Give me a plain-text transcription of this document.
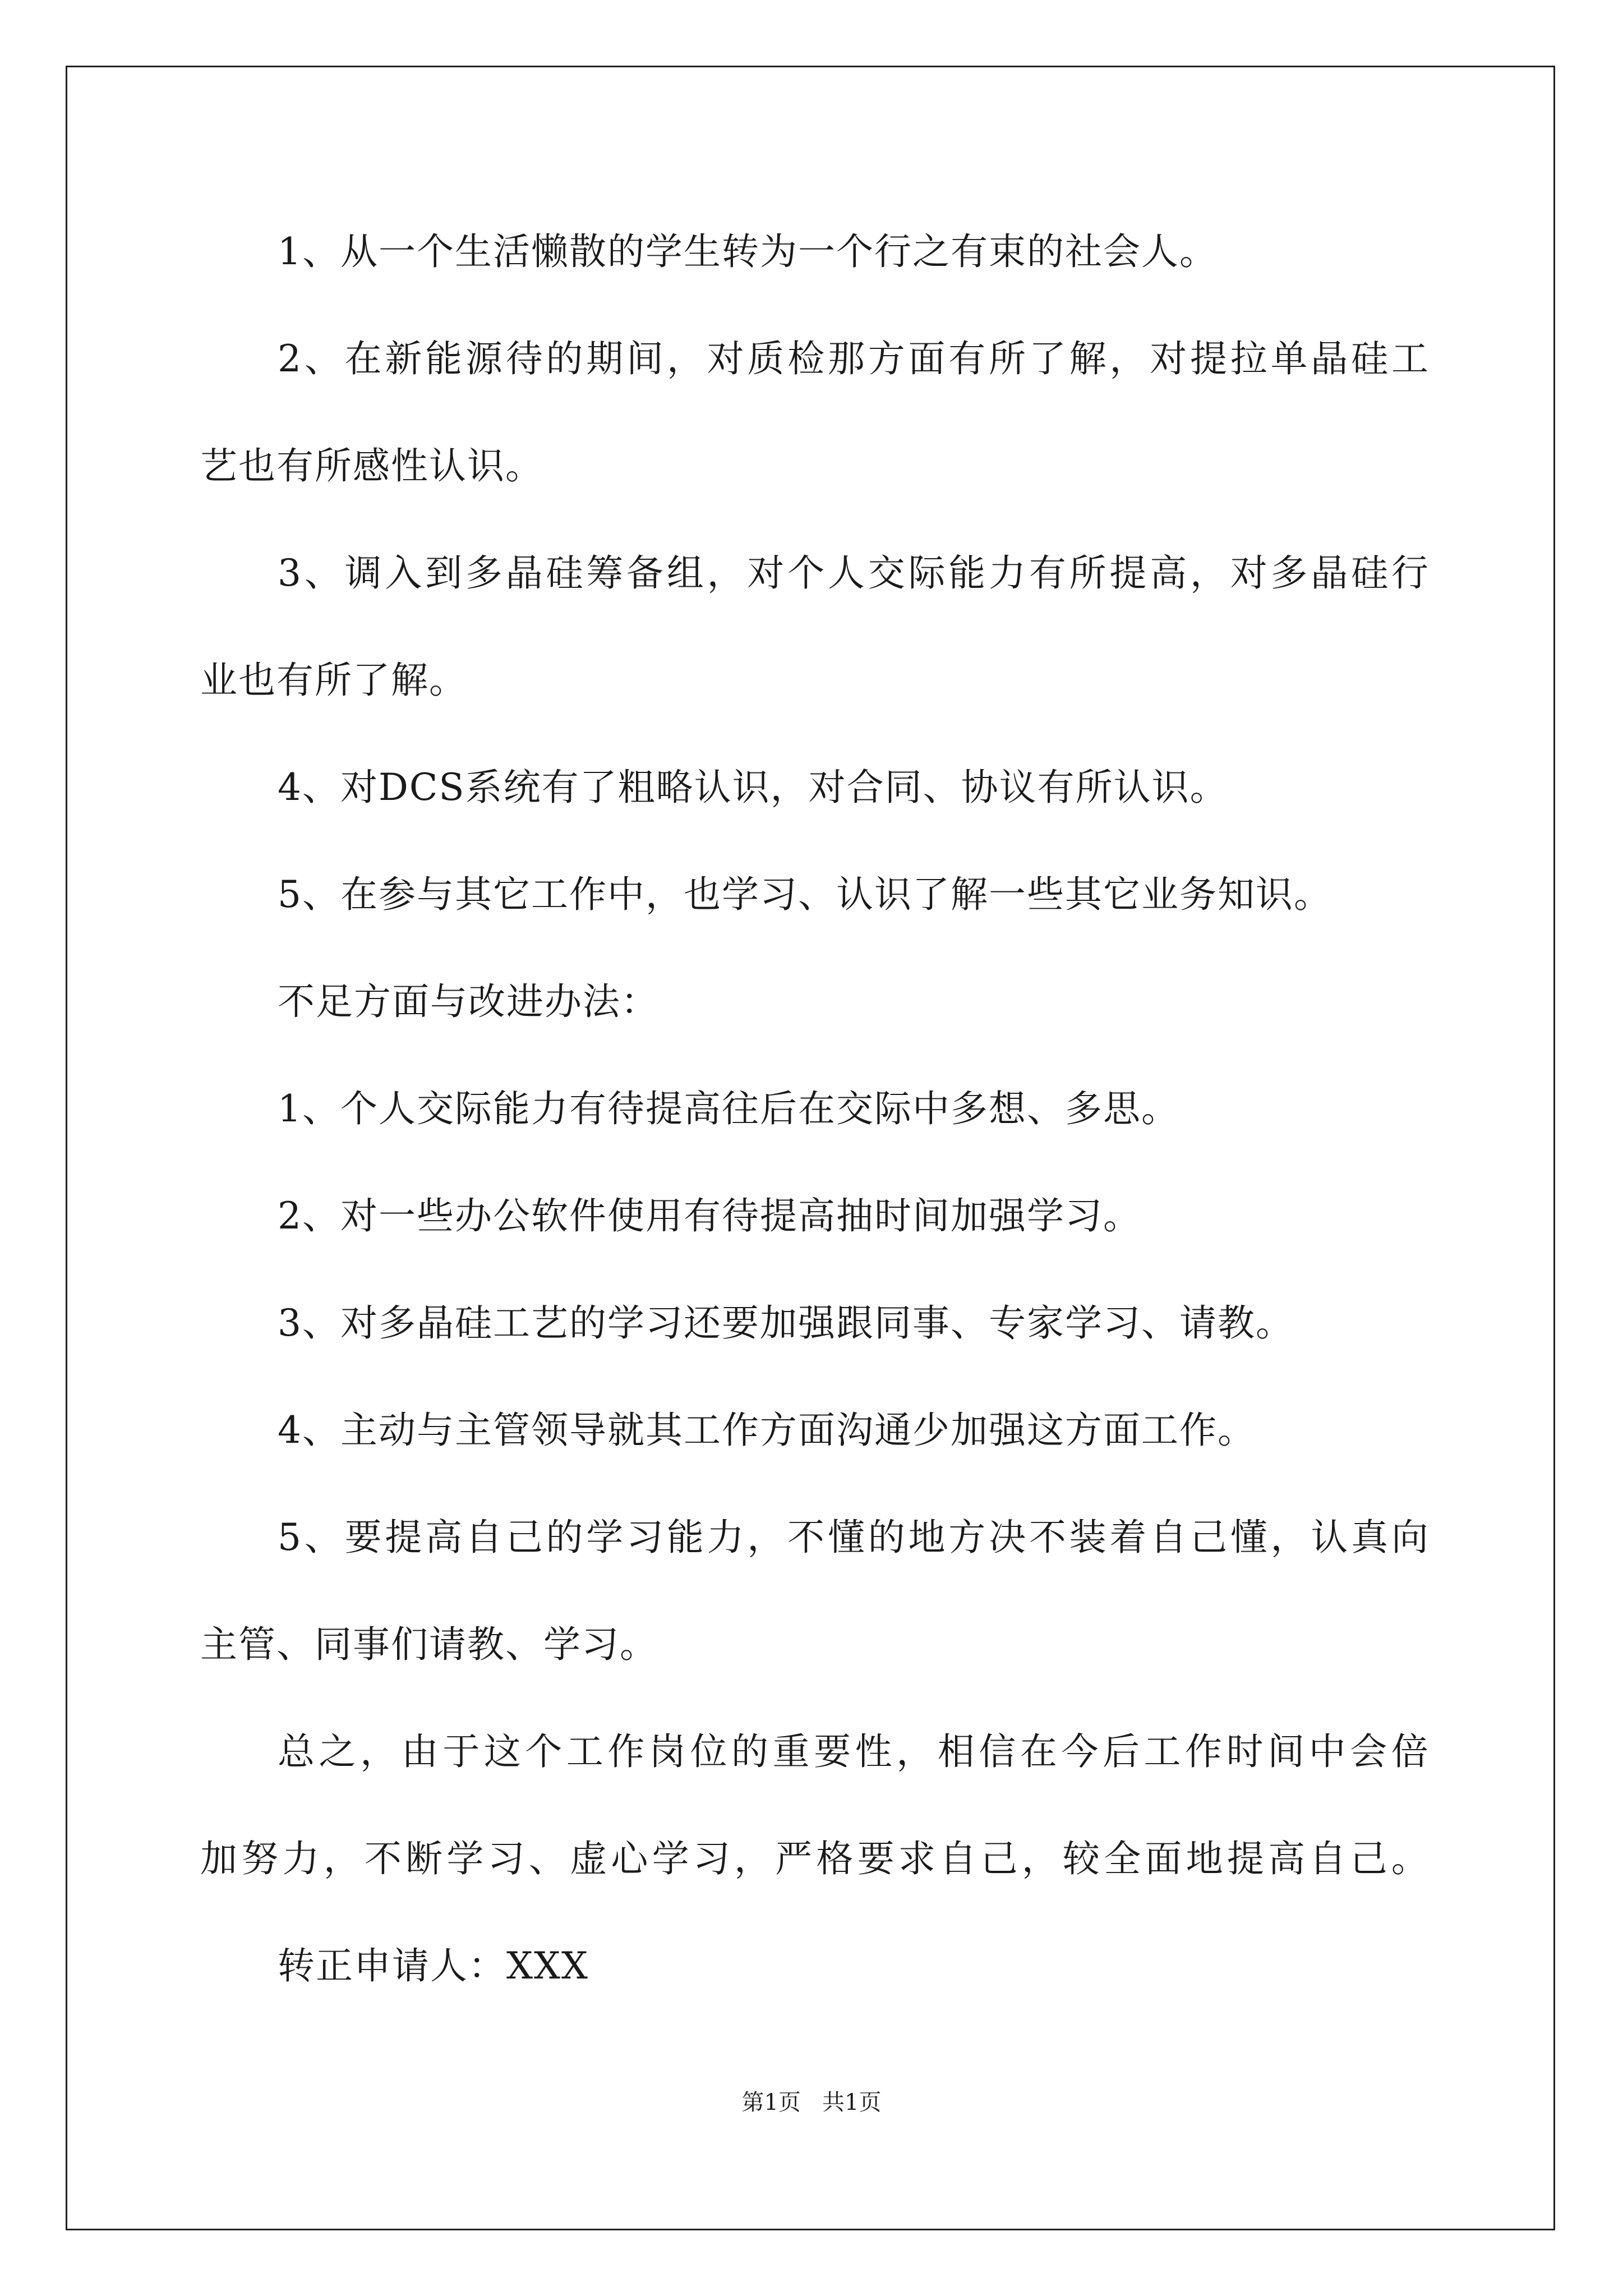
1、从一个生活懒散的学生转为一个行之有束的社会人。
2 、 在 新 能 源 待 的 期 间 ， 对 质 检 那 方 面 有 所 了 解 ， 对 提 拉 单 晶 硅 工
艺也有所感性认识。
3 、 调 入 到 多 晶 硅 筹 备 组 ， 对 个 人 交 际 能 力 有 所 提 高 ， 对 多 晶 硅 行
业也有所了解。
4、对DCS系统有了粗略认识，对合同、协议有所认识。
5、在参与其它工作中，也学习、认识了解一些其它业务知识。
不足方面与改进办法：
1、个人交际能力有待提高往后在交际中多想、多思。
2、对一些办公软件使用有待提高抽时间加强学习。
3、对多晶硅工艺的学习还要加强跟同事、专家学习、请教。
4、主动与主管领导就其工作方面沟通少加强这方面工作。
5 、 要 提 高 自 己 的 学 习 能 力 ， 不 懂 的 地 方 决 不 装 着 自 己 懂 ， 认 真 向
主管、同事们请教、学习。
总 之 ， 由 于 这 个 工 作 岗 位 的 重 要 性 ， 相 信 在 今 后 工 作 时 间 中 会 倍
加 努 力 ， 不 断 学 习 、 虚 心 学 习 ， 严 格 要 求 自 己 ， 较 全 面 地 提 高 自 己 。
转正申请人：XXX
第1页   共1页
